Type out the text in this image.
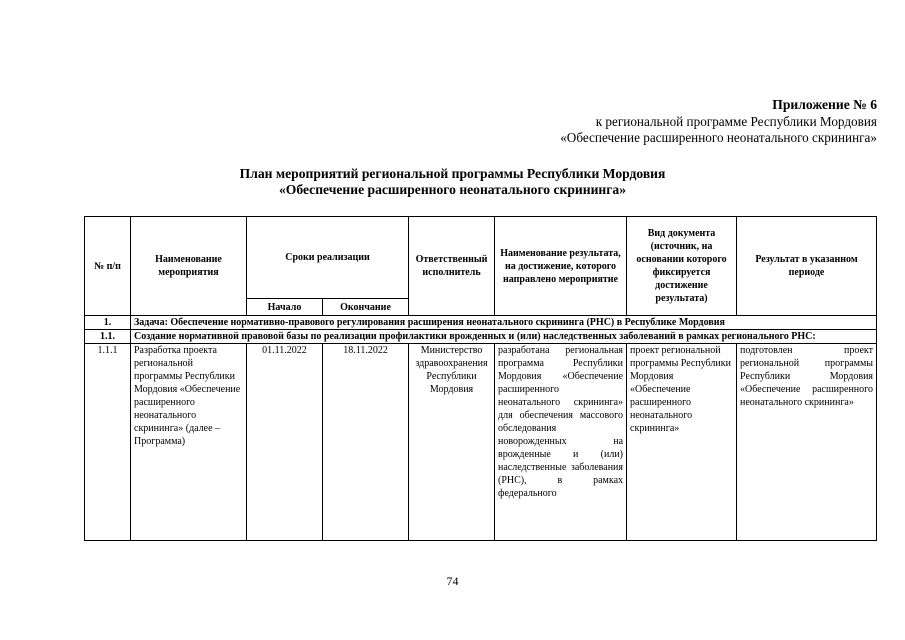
Приложение № 6
к региональной программе Республики Мордовия
«Обеспечение расширенного неонатального скрининга»
План мероприятий региональной программы Республики Мордовия
«Обеспечение расширенного неонатального скрининга»
№ п/п	Наименование мероприятия	Сроки реализации		Ответственный исполнитель	Наименование результата, на достижение, которого направлено мероприятие	Вид документа (источник, на основании которого фиксируется достижение результата)	Результат в указанном периоде
		Начало	Окончание				
1.	Задача: Обеспечение нормативно-правового регулирования расширения неонатального скрининга (РНС) в Республике Мордовия						
1.1.	Создание нормативной правовой базы по реализации профилактики врожденных и (или) наследственных заболеваний в рамках регионального РНС:						
1.1.1	Разработка проекта региональной программы Республики Мордовия «Обеспечение расширенного неонатального скрининга» (далее – Программа)	01.11.2022	18.11.2022	Министерство здравоохранения Республики Мордовия	разработана региональная программа Республики Мордовия «Обеспечение расширенного неонатального скрининга» для обеспечения массового обследования новорожденных на врожденные и (или) наследственные заболевания (РНС), в рамках федерального	проект региональной программы Республики Мордовия «Обеспечение расширенного неонатального скрининга»	подготовлен проект региональной программы Республики Мордовия «Обеспечение расширенного неонатального скрининга»
74
